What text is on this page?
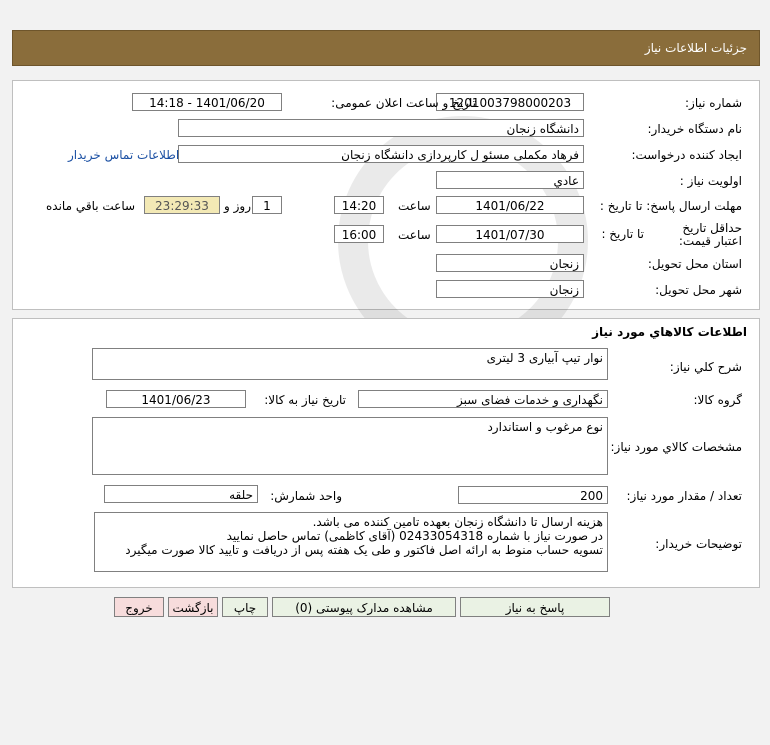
جزئیات اطلاعات نیاز
شماره نیاز:
1201003798000203
تاریخ و ساعت اعلان عمومی:
1401/06/20 - 14:18
نام دستگاه خریدار:
دانشگاه زنجان
ایجاد کننده درخواست:
فرهاد مکملی مسئو ل کارپردازی دانشگاه زنجان
اطلاعات تماس خریدار
اولویت نیاز :
عادي
مهلت ارسال پاسخ: تا تاریخ :
1401/06/22
ساعت
14:20
1
روز و
23:29:33
ساعت باقي مانده
حداقل تاریخ اعتبار قیمت:
تا تاریخ :
1401/07/30
ساعت
16:00
استان محل تحویل:
زنجان
شهر محل تحویل:
زنجان
اطلاعات کالاهاي مورد نياز
شرح کلي نياز:
نوار تیپ آبیاری 3 لیتری
گروه کالا:
نگهداری و خدمات فضای سبز
تاریخ نیاز به کالا:
1401/06/23
مشخصات کالاي مورد نياز:
نوع مرغوب و استاندارد
تعداد / مقدار مورد نیاز:
200
واحد شمارش:
حلقه
توضیحات خریدار:
هزینه ارسال تا دانشگاه زنجان بعهده تامین کننده می باشد.
در صورت نیاز با شماره 02433054318 (آقای کاظمی) تماس حاصل نمایید
تسویه حساب منوط به ارائه اصل فاکتور و طی یک هفته پس از دریافت و تایید کالا صورت میگیرد
پاسخ به نیاز
مشاهده مدارک پیوستی (0)
چاپ
بازگشت
خروج
